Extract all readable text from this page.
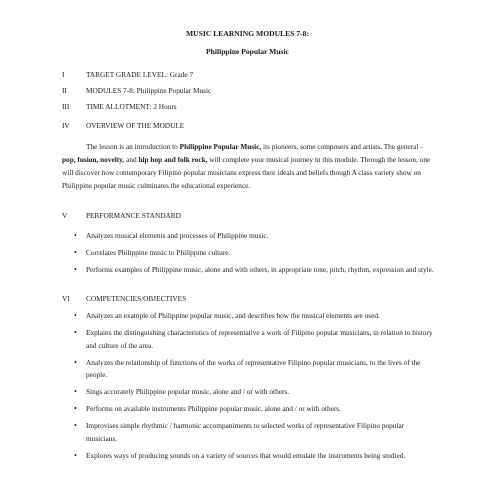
MUSIC LEARNING MODULES 7-8:
Philippine Popular Music
I	TARGET GRADE LEVEL: Grade 7
II	MODULES 7-8: Philippine Popular Music
III TIME ALLOTMENT: 2 Hours
IV OVERVIEW OF THE MODULE

The lesson is an introduction to Philippine Popular Music, its pioneers, some composers and artists. The general - pop, fusion, novelty, and hip hop and folk rock, will complete your musical journey in this module. Through the lesson, one will discover how contemporary Filipino popular musicians express their ideals and beliefs though A class variety show on Philippine popular music culminates the educational experience.

V	PERFORMANCE STANDARD
• Analyzes musical elements and processes of Philippine music.
• Correlates Philippine music to Philippine culture.
• Performs examples of Philippine music, alone and with others, in appropriate tone, pitch, rhythm, expression and style.
VI COMPETENCIES/OBJECTIVES
• Analyzes an example of Philippine popular music, and describes how the musical elements are used.
• Explains the distinguishing characteristics of representative a work of Filipino popular musicians, in relation to history and culture of the area.
• Analyzes the relationship of functions of the works of representative Filipino popular musicians, to the lives of the people.
• Sings accurately Philippine popular music, alone and / or with others.
• Performs on available instruments Philippine popular music, alone and / or with others.
• Improvises simple rhythmic / harmonic accompaniments to selected works of representative Filipino popular musicians.
• Explores ways of producing sounds on a variety of sources that would emulate the instruments being studied.
